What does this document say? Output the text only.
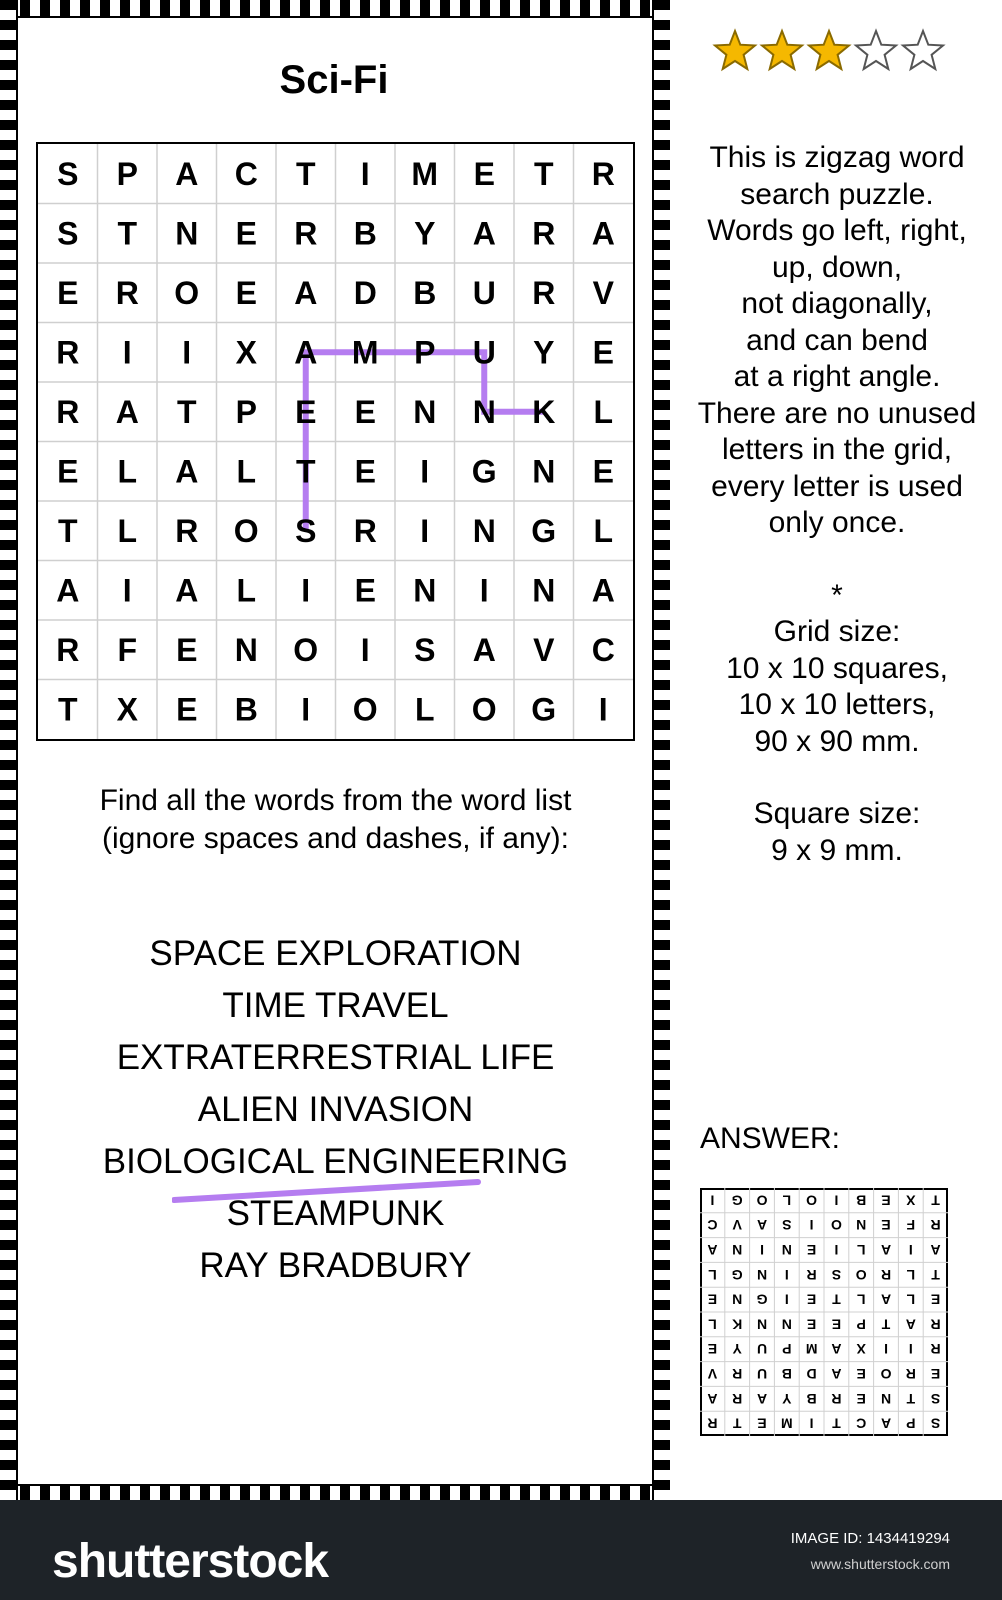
Sci-Fi
S P A C T I M E T R
S T N E R B Y A R A
E R O E A D B U R V
R I I X A M P U Y E
R A T P E E N N K L
E L A L T E I G N E
T L R O S R I N G L
A I A L I E N I N A
R F E N O I S A V C
T X E B I O L O G I
Find all the words from the word list
(ignore spaces and dashes, if any):
SPACE EXPLORATION
TIME TRAVEL
EXTRATERRESTRIAL LIFE
ALIEN INVASION
BIOLOGICAL ENGINEERING
STEAMPUNK
RAY BRADBURY
This is zigzag word
search puzzle.
Words go left, right,
up, down,
not diagonally,
and can bend
at a right angle.
There are no unused
letters in the grid,
every letter is used
only once.
*
Grid size:
10 x 10 squares,
10 x 10 letters,
90 x 90 mm.
Square size:
9 x 9 mm.
ANSWER:
S
P
A
C
T
I
M
E
T
R
S
T
N
E
R
B
Y
A
R
A
E
R
O
E
A
D
B
U
R
V
R
I
I
X
A
M
P
U
Y
E
R
A
T
P
E
E
N
N
K
L
E
L
A
L
T
E
I
G
N
E
T
L
R
O
S
R
I
N
G
L
A
I
A
L
I
E
N
I
N
A
R
F
E
N
O
I
S
A
V
C
T
X
E
B
I
O
L
O
G
I
shutterstock	IMAGE ID: 1434419294
www.shutterstock.com
